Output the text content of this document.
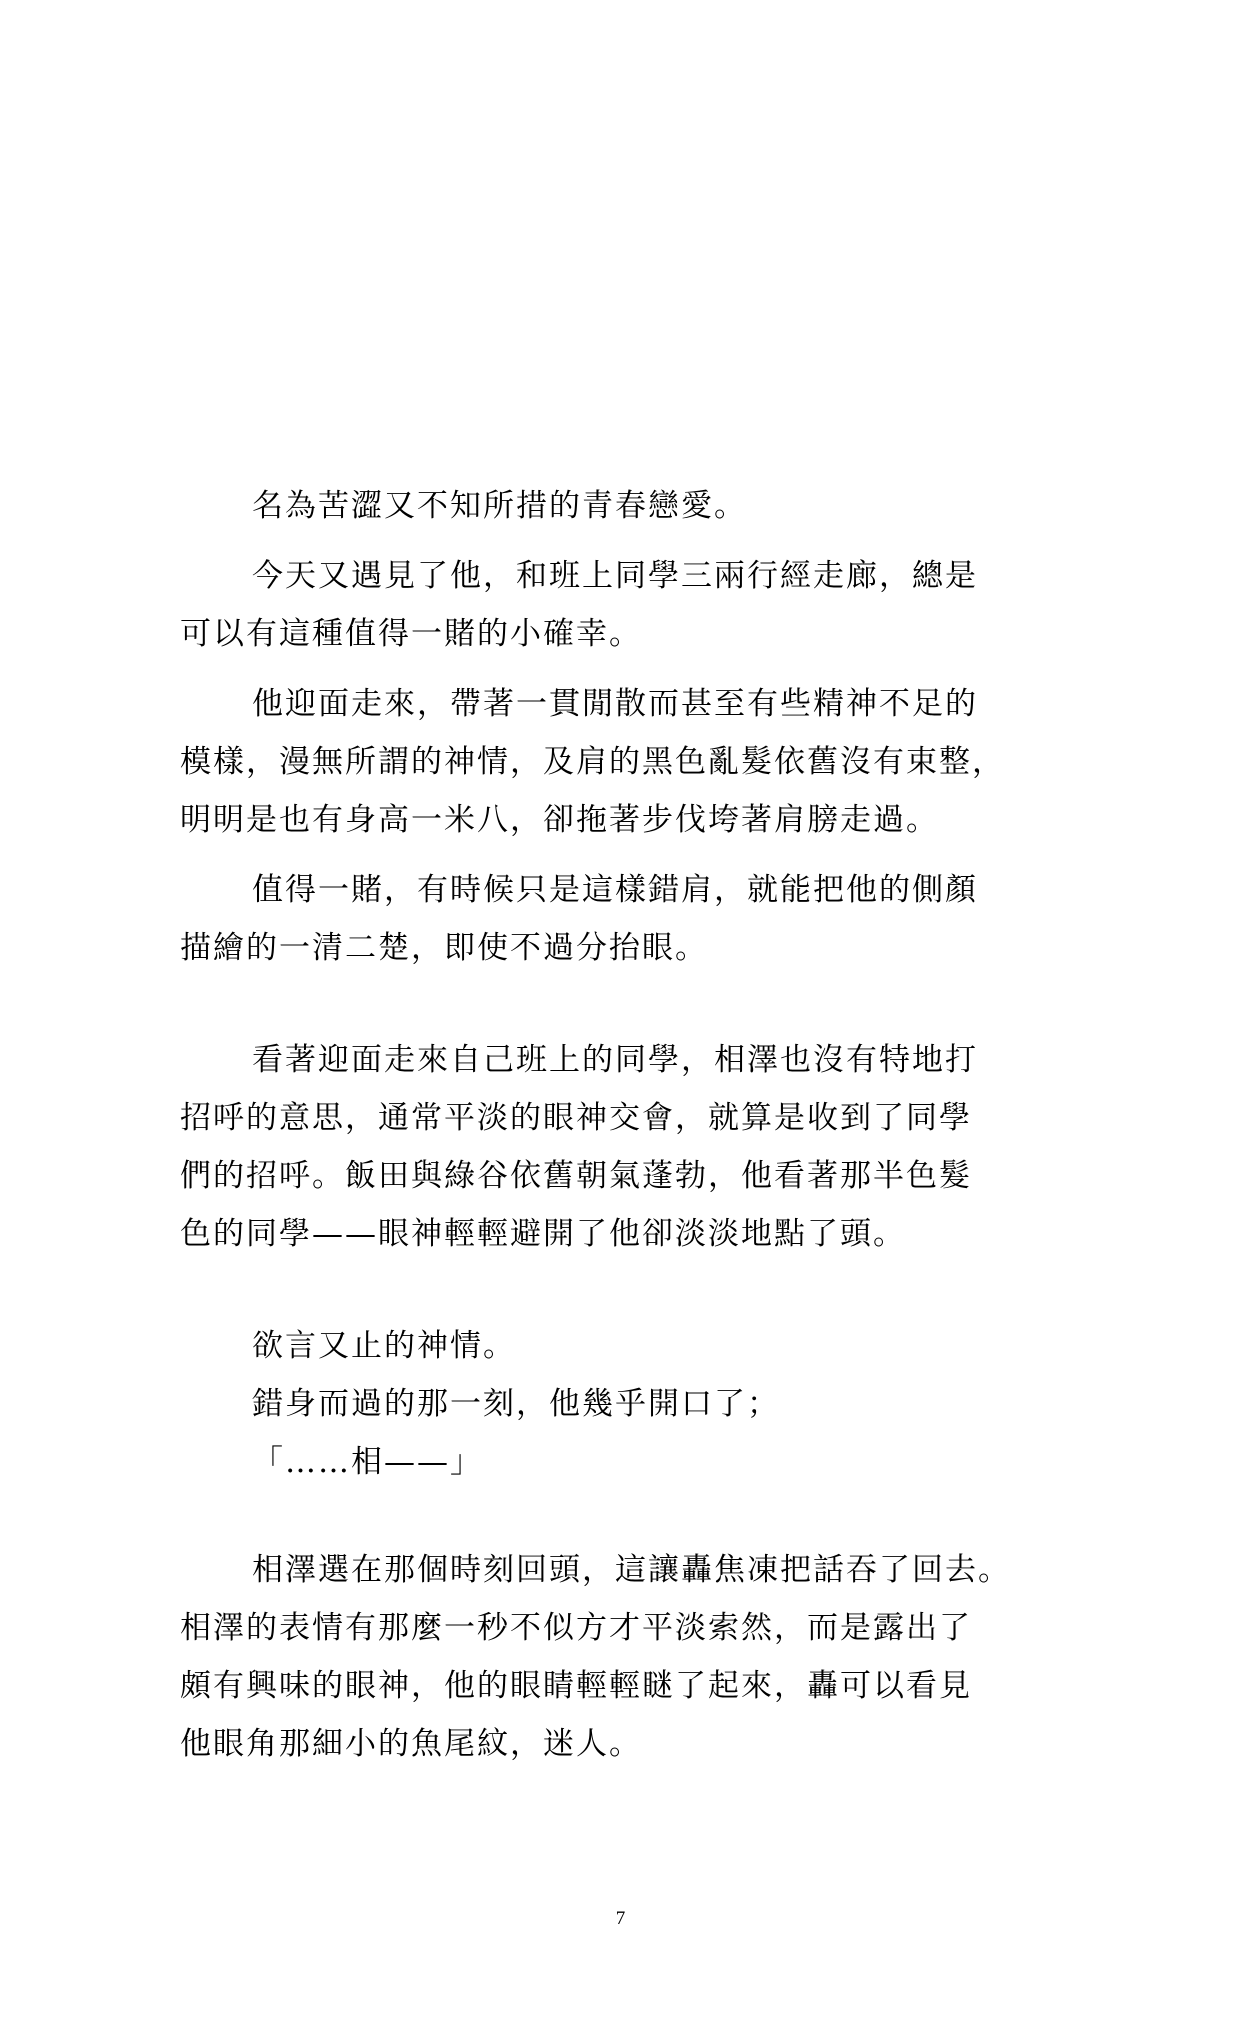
名為苦澀又不知所措的青春戀愛。
今天又遇見了他，和班上同學三兩行經走廊，總是
可以有這種值得一賭的小確幸。
他迎面走來，帶著一貫閒散而甚至有些精神不足的
模樣，漫無所謂的神情，及肩的黑色亂髮依舊沒有束整，
明明是也有身高一米八，卻拖著步伐垮著肩膀走過。
值得一賭，有時候只是這樣錯肩，就能把他的側顏
描繪的一清二楚，即使不過分抬眼。
看著迎面走來自己班上的同學，相澤也沒有特地打
招呼的意思，通常平淡的眼神交會，就算是收到了同學
們的招呼。飯田與綠谷依舊朝氣蓬勃，他看著那半色髮
色的同學——眼神輕輕避開了他卻淡淡地點了頭。
欲言又止的神情。
錯身而過的那一刻，他幾乎開口了；
「……相——」
相澤選在那個時刻回頭，這讓轟焦凍把話吞了回去。
相澤的表情有那麼一秒不似方才平淡索然，而是露出了
頗有興味的眼神，他的眼睛輕輕瞇了起來，轟可以看見
他眼角那細小的魚尾紋，迷人。
7
